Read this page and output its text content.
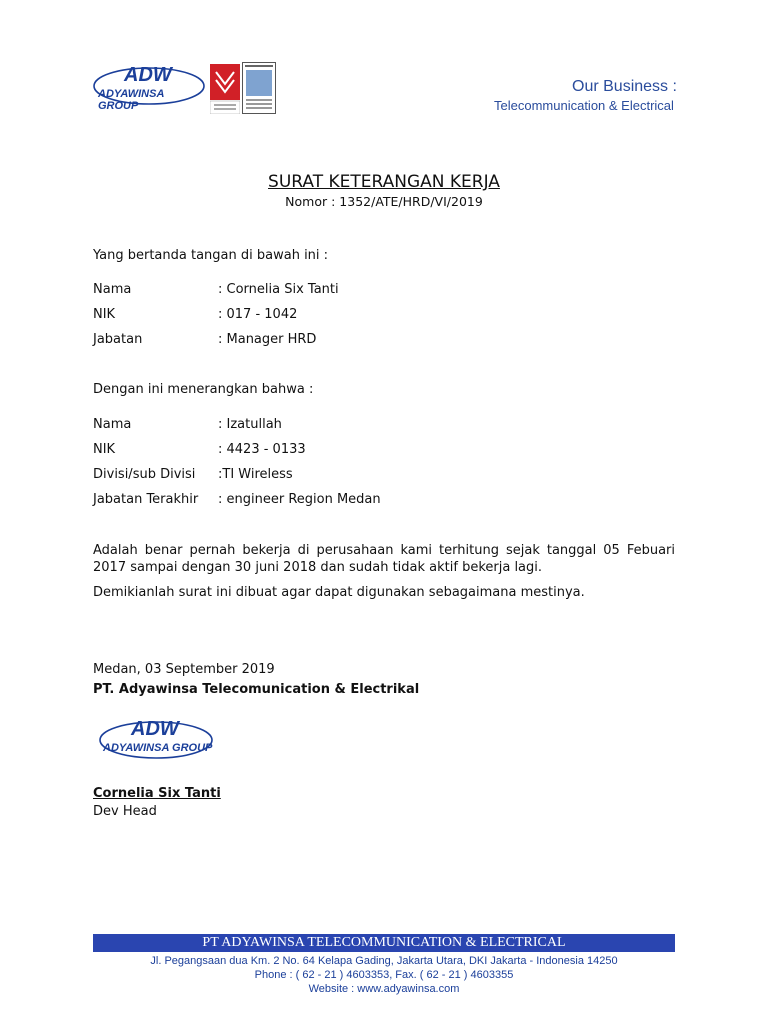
ADW
ADYAWINSA GROUP
Our Business :
Telecommunication & Electrical
SURAT KETERANGAN KERJA
Nomor : 1352/ATE/HRD/VI/2019
Yang bertanda tangan di bawah ini :
Nama	: Cornelia Six Tanti
NIK	: 017 - 1042
Jabatan	: Manager HRD
Dengan ini menerangkan bahwa :
Nama	: Izatullah
NIK	: 4423 - 0133
Divisi/sub Divisi :TI Wireless
Jabatan Terakhir : engineer Region Medan
Adalah benar pernah bekerja di perusahaan kami terhitung sejak tanggal 05 Febuari 2017 sampai dengan 30 juni 2018 dan sudah tidak aktif bekerja lagi.
Demikianlah surat ini dibuat agar dapat digunakan sebagaimana mestinya.
Medan, 03 September 2019
PT. Adyawinsa Telecomunication & Electrikal
ADW
ADYAWINSA GROUP
Cornelia Six Tanti
Dev Head
PT ADYAWINSA TELECOMMUNICATION & ELECTRICAL
Jl. Pegangsaan dua Km. 2 No. 64 Kelapa Gading, Jakarta Utara, DKI Jakarta - Indonesia 14250
Phone : ( 62 - 21 ) 4603353, Fax. ( 62 - 21 ) 4603355
Website : www.adyawinsa.com
